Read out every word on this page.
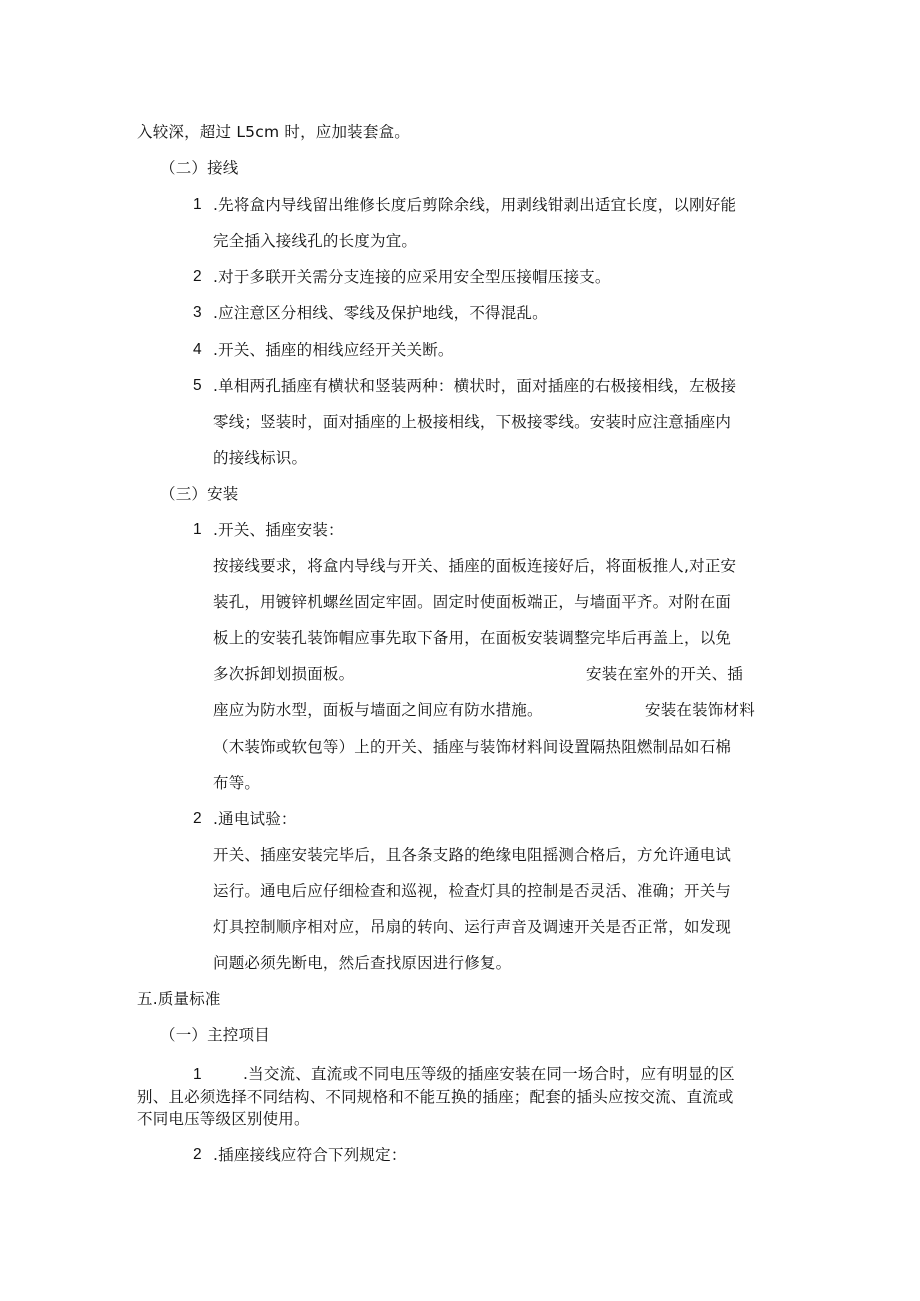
入较深，超过 L5cm 时，应加装套盒。
（二）接线
1 .先将盒内导线留出维修长度后剪除余线，用剥线钳剥出适宜长度，以刚好能
完全插入接线孔的长度为宜。
2 .对于多联开关需分支连接的应采用安全型压接帽压接支。
3 .应注意区分相线、零线及保护地线，不得混乱。
4 .开关、插座的相线应经开关关断。
5 .单相两孔插座有横状和竖装两种：横状时，面对插座的右极接相线，左极接
零线；竖装时，面对插座的上极接相线，下极接零线。安装时应注意插座内
的接线标识。
（三）安装
1 .开关、插座安装：
按接线要求，将盒内导线与开关、插座的面板连接好后，将面板推人,对正安
装孔，用镀锌机螺丝固定牢固。固定时使面板端正，与墙面平齐。对附在面
板上的安装孔装饰帽应事先取下备用，在面板安装调整完毕后再盖上，以免
多次拆卸划损面板。	安装在室外的开关、插
座应为防水型，面板与墙面之间应有防水措施。	安装在装饰材料
（木装饰或软包等）上的开关、插座与装饰材料间设置隔热阻燃制品如石棉
布等。
2 .通电试验：
开关、插座安装完毕后，且各条支路的绝缘电阻摇测合格后，方允许通电试
运行。通电后应仔细检查和巡视，检查灯具的控制是否灵活、准确；开关与
灯具控制顺序相对应，吊扇的转向、运行声音及调速开关是否正常，如发现
问题必须先断电，然后查找原因进行修复。
五.质量标准
（一）主控项目
1	.当交流、直流或不同电压等级的插座安装在同一场合时，应有明显的区
别、且必须选择不同结构、不同规格和不能互换的插座；配套的插头应按交流、直流或
不同电压等级区别使用。
2 .插座接线应符合下列规定：
